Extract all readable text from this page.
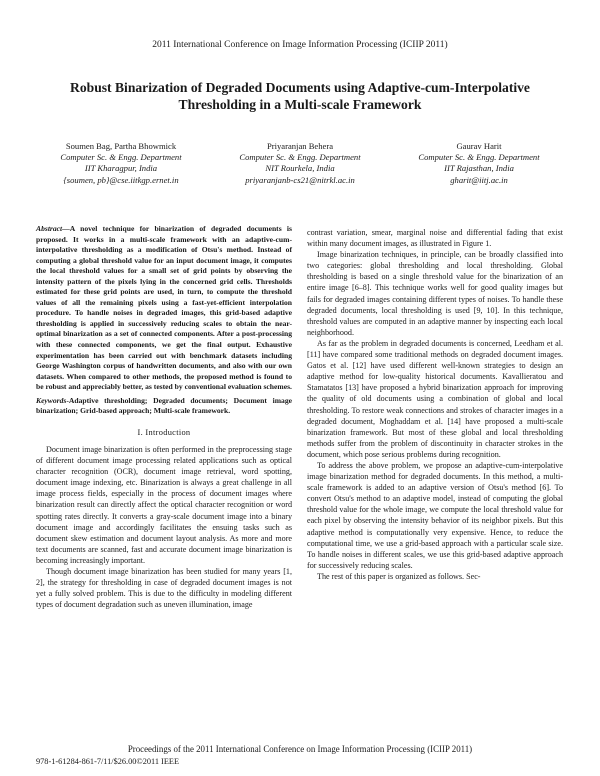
2011 International Conference on Image Information Processing (ICIIP 2011)
Robust Binarization of Degraded Documents using Adaptive-cum-Interpolative
Thresholding in a Multi-scale Framework
Soumen Bag, Partha Bhowmick
Computer Sc. & Engg. Department
IIT Kharagpur, India
{soumen, pb}@cse.iitkgp.ernet.in
Priyaranjan Behera
Computer Sc. & Engg. Department
NIT Rourkela, India
priyaranjanb-cs21@nitrkl.ac.in
Gaurav Harit
Computer Sc. & Engg. Department
IIT Rajasthan, India
gharit@iitj.ac.in

Abstract—A novel technique for binarization of degraded documents is proposed. It works in a multi-scale framework with an adaptive-cum-interpolative thresholding as a modification of Otsu's method. Instead of computing a global threshold value for an input document image, it computes the local threshold values for a small set of grid points by observing the intensity pattern of the pixels lying in the concerned grid cells. Thresholds estimated for these grid points are used, in turn, to compute the threshold values of all the remaining pixels using a fast-yet-efficient interpolation procedure. To handle noises in degraded images, this grid-based adaptive thresholding is applied in successively reducing scales to obtain the near-optimal binarization as a set of connected components. After a post-processing with these connected components, we get the final output. Exhaustive experimentation has been carried out with benchmark datasets including George Washington corpus of handwritten documents, and also with our own datasets. When compared to other methods, the proposed method is found to be robust and appreciably better, as tested by conventional evaluation schemes.

Keywords-Adaptive thresholding; Degraded documents; Document image binarization; Grid-based approach; Multi-scale framework.

I. Introduction

Document image binarization is often performed in the preprocessing stage of different document image processing related applications such as optical character recognition (OCR), document image retrieval, word spotting, document image indexing, etc. Binarization is always a great challenge in all image process fields, especially in the process of document images where binarization result can directly affect the optical character recognition or word spotting rates directly. It converts a gray-scale document image into a binary document image and accordingly facilitates the ensuing tasks such as document skew estimation and document layout analysis. As more and more text documents are scanned, fast and accurate document image binarization is becoming increasingly important.

Though document image binarization has been studied for many years [1, 2], the strategy for thresholding in case of degraded document images is not yet a fully solved problem. This is due to the difficulty in modeling different types of document degradation such as uneven illumination, image

contrast variation, smear, marginal noise and differential fading that exist within many document images, as illustrated in Figure 1.

Image binarization techniques, in principle, can be broadly classified into two categories: global thresholding and local thresholding. Global thresholding is based on a single threshold value for the binarization of an entire image [6–8]. This technique works well for good quality images but fails for degraded images containing different types of noises. To handle these degraded documents, local thresholding is used [9, 10]. In this technique, threshold values are computed in an adaptive manner by inspecting each local neighborhood.

As far as the problem in degraded documents is concerned, Leedham et al. [11] have compared some traditional methods on degraded document images. Gatos et al. [12] have used different well-known strategies to design an adaptive method for low-quality historical documents. Kavallieratou and Stamatatos [13] have proposed a hybrid binarization approach for improving the quality of old documents using a combination of global and local thresholding. To restore weak connections and strokes of character images in a degraded document, Moghaddam et al. [14] have proposed a multi-scale binarization framework. But most of these global and local thresholding methods suffer from the problem of discontinuity in character strokes in the document, which pose serious problems during recognition.

To address the above problem, we propose an adaptive-cum-interpolative image binarization method for degraded documents. In this method, a multi-scale framework is added to an adaptive version of Otsu's method [6]. To convert Otsu's method to an adaptive model, instead of computing the global threshold value for the whole image, we compute the local threshold value for each pixel by observing the intensity behavior of its neighbor pixels. But this adaptive method is computationally very expensive. Hence, to reduce the computational time, we use a grid-based approach with a particular scale size. To handle noises in different scales, we use this grid-based adaptive approach for successively reducing scales.

The rest of this paper is organized as follows. Sec-

Proceedings of the 2011 International Conference on Image Information Processing (ICIIP 2011)
978-1-61284-861-7/11/$26.00©2011 IEEE
